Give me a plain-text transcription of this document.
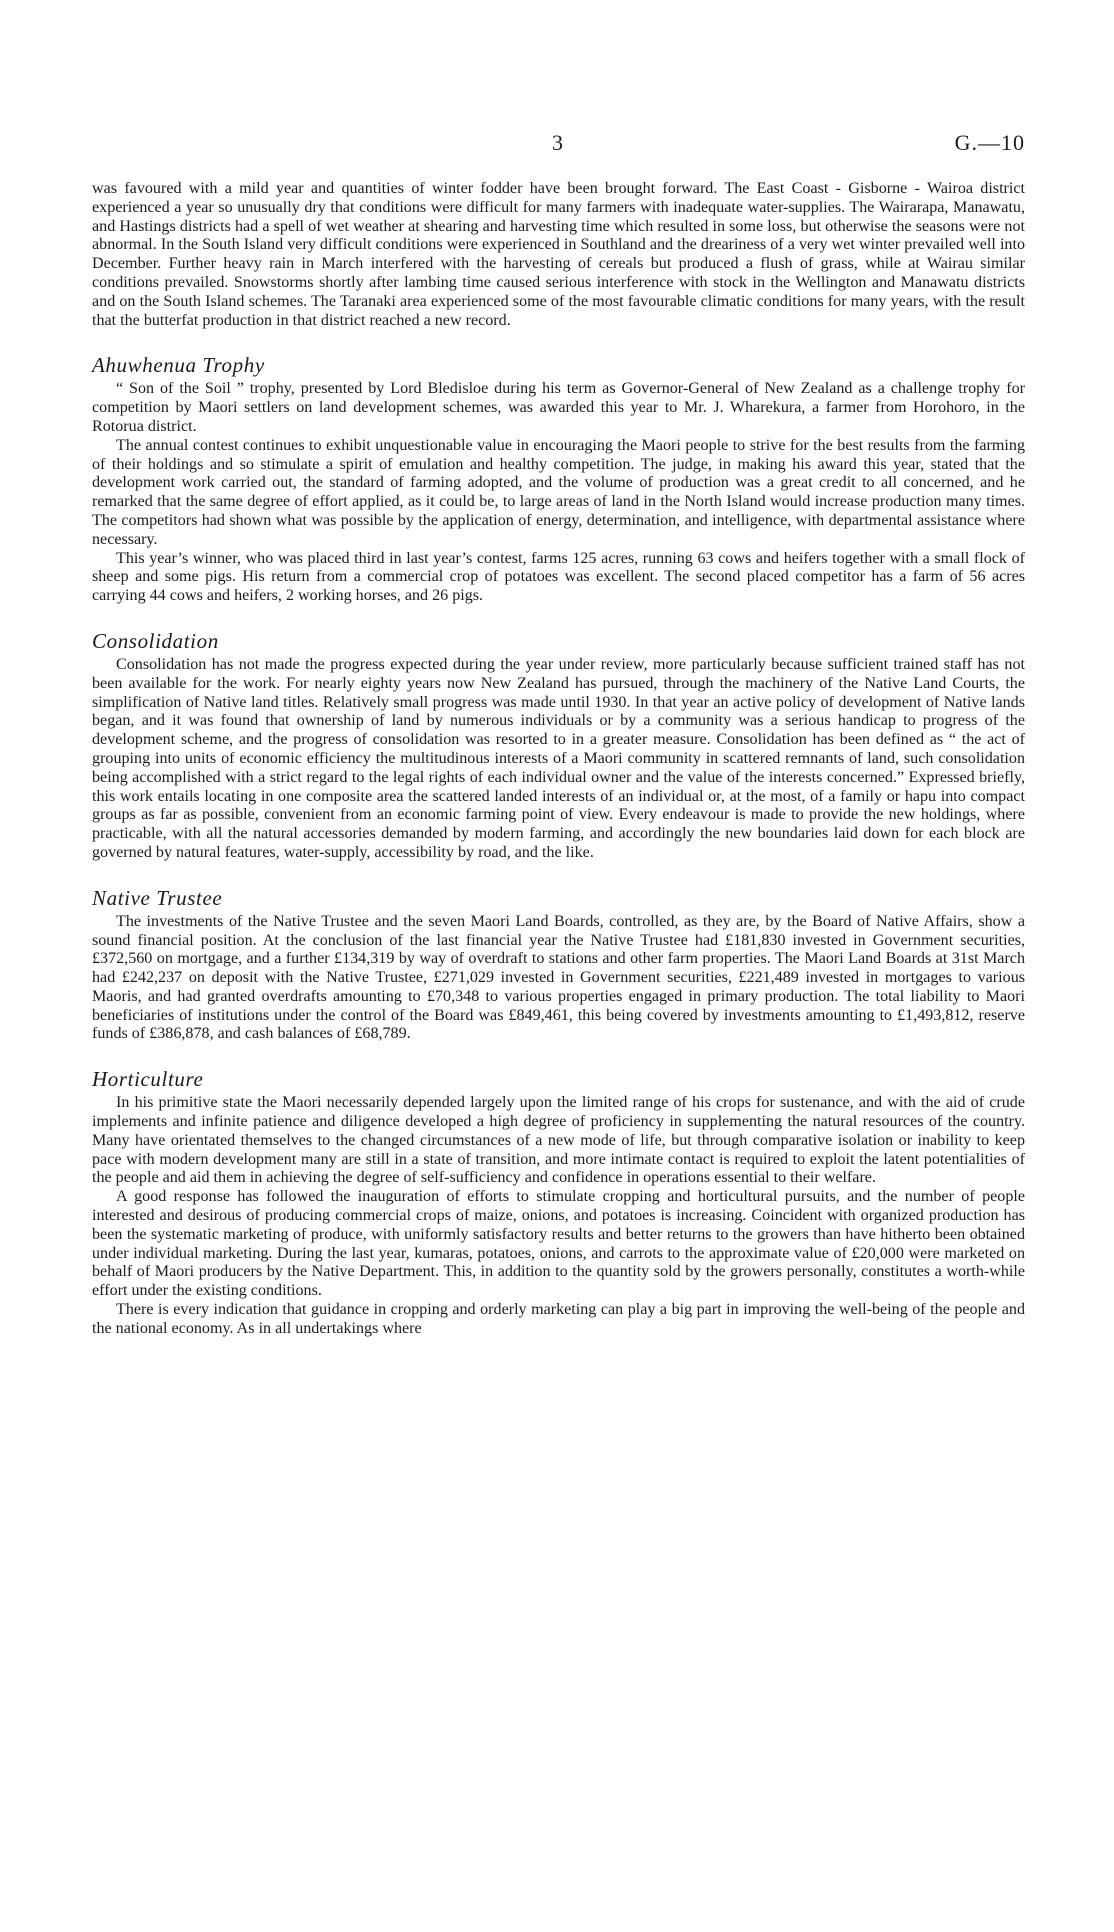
3	G.—10

was favoured with a mild year and quantities of winter fodder have been brought forward. The East Coast - Gisborne - Wairoa district experienced a year so unusually dry that conditions were difficult for many farmers with inadequate water-supplies. The Wairarapa, Manawatu, and Hastings districts had a spell of wet weather at shearing and harvesting time which resulted in some loss, but otherwise the seasons were not abnormal. In the South Island very difficult conditions were experienced in Southland and the dreariness of a very wet winter prevailed well into December. Further heavy rain in March interfered with the harvesting of cereals but produced a flush of grass, while at Wairau similar conditions prevailed. Snowstorms shortly after lambing time caused serious interference with stock in the Wellington and Manawatu districts and on the South Island schemes. The Taranaki area experienced some of the most favourable climatic conditions for many years, with the result that the butterfat production in that district reached a new record.

Ahuwhenua Trophy

“ Son of the Soil ” trophy, presented by Lord Bledisloe during his term as Governor-General of New Zealand as a challenge trophy for competition by Maori settlers on land development schemes, was awarded this year to Mr. J. Wharekura, a farmer from Horohoro, in the Rotorua district.

The annual contest continues to exhibit unquestionable value in encouraging the Maori people to strive for the best results from the farming of their holdings and so stimulate a spirit of emulation and healthy competition. The judge, in making his award this year, stated that the development work carried out, the standard of farming adopted, and the volume of production was a great credit to all concerned, and he remarked that the same degree of effort applied, as it could be, to large areas of land in the North Island would increase production many times. The competitors had shown what was possible by the application of energy, determination, and intelligence, with departmental assistance where necessary.

This year’s winner, who was placed third in last year’s contest, farms 125 acres, running 63 cows and heifers together with a small flock of sheep and some pigs. His return from a commercial crop of potatoes was excellent. The second placed competitor has a farm of 56 acres carrying 44 cows and heifers, 2 working horses, and 26 pigs.

Consolidation

Consolidation has not made the progress expected during the year under review, more particularly because sufficient trained staff has not been available for the work. For nearly eighty years now New Zealand has pursued, through the machinery of the Native Land Courts, the simplification of Native land titles. Relatively small progress was made until 1930. In that year an active policy of development of Native lands began, and it was found that ownership of land by numerous individuals or by a community was a serious handicap to progress of the development scheme, and the progress of consolidation was resorted to in a greater measure. Consolidation has been defined as “ the act of grouping into units of economic efficiency the multitudinous interests of a Maori community in scattered remnants of land, such consolidation being accomplished with a strict regard to the legal rights of each individual owner and the value of the interests concerned.” Expressed briefly, this work entails locating in one composite area the scattered landed interests of an individual or, at the most, of a family or hapu into compact groups as far as possible, convenient from an economic farming point of view. Every endeavour is made to provide the new holdings, where practicable, with all the natural accessories demanded by modern farming, and accordingly the new boundaries laid down for each block are governed by natural features, water-supply, accessibility by road, and the like.

Native Trustee

The investments of the Native Trustee and the seven Maori Land Boards, controlled, as they are, by the Board of Native Affairs, show a sound financial position. At the conclusion of the last financial year the Native Trustee had £181,830 invested in Government securities, £372,560 on mortgage, and a further £134,319 by way of overdraft to stations and other farm properties. The Maori Land Boards at 31st March had £242,237 on deposit with the Native Trustee, £271,029 invested in Government securities, £221,489 invested in mortgages to various Maoris, and had granted overdrafts amounting to £70,348 to various properties engaged in primary production. The total liability to Maori beneficiaries of institutions under the control of the Board was £849,461, this being covered by investments amounting to £1,493,812, reserve funds of £386,878, and cash balances of £68,789.

Horticulture

In his primitive state the Maori necessarily depended largely upon the limited range of his crops for sustenance, and with the aid of crude implements and infinite patience and diligence developed a high degree of proficiency in supplementing the natural resources of the country. Many have orientated themselves to the changed circumstances of a new mode of life, but through comparative isolation or inability to keep pace with modern development many are still in a state of transition, and more intimate contact is required to exploit the latent potentialities of the people and aid them in achieving the degree of self-sufficiency and confidence in operations essential to their welfare.

A good response has followed the inauguration of efforts to stimulate cropping and horticultural pursuits, and the number of people interested and desirous of producing commercial crops of maize, onions, and potatoes is increasing. Coincident with organized production has been the systematic marketing of produce, with uniformly satisfactory results and better returns to the growers than have hitherto been obtained under individual marketing. During the last year, kumaras, potatoes, onions, and carrots to the approximate value of £20,000 were marketed on behalf of Maori producers by the Native Department. This, in addition to the quantity sold by the growers personally, constitutes a worth-while effort under the existing conditions.

There is every indication that guidance in cropping and orderly marketing can play a big part in improving the well-being of the people and the national economy. As in all undertakings where
